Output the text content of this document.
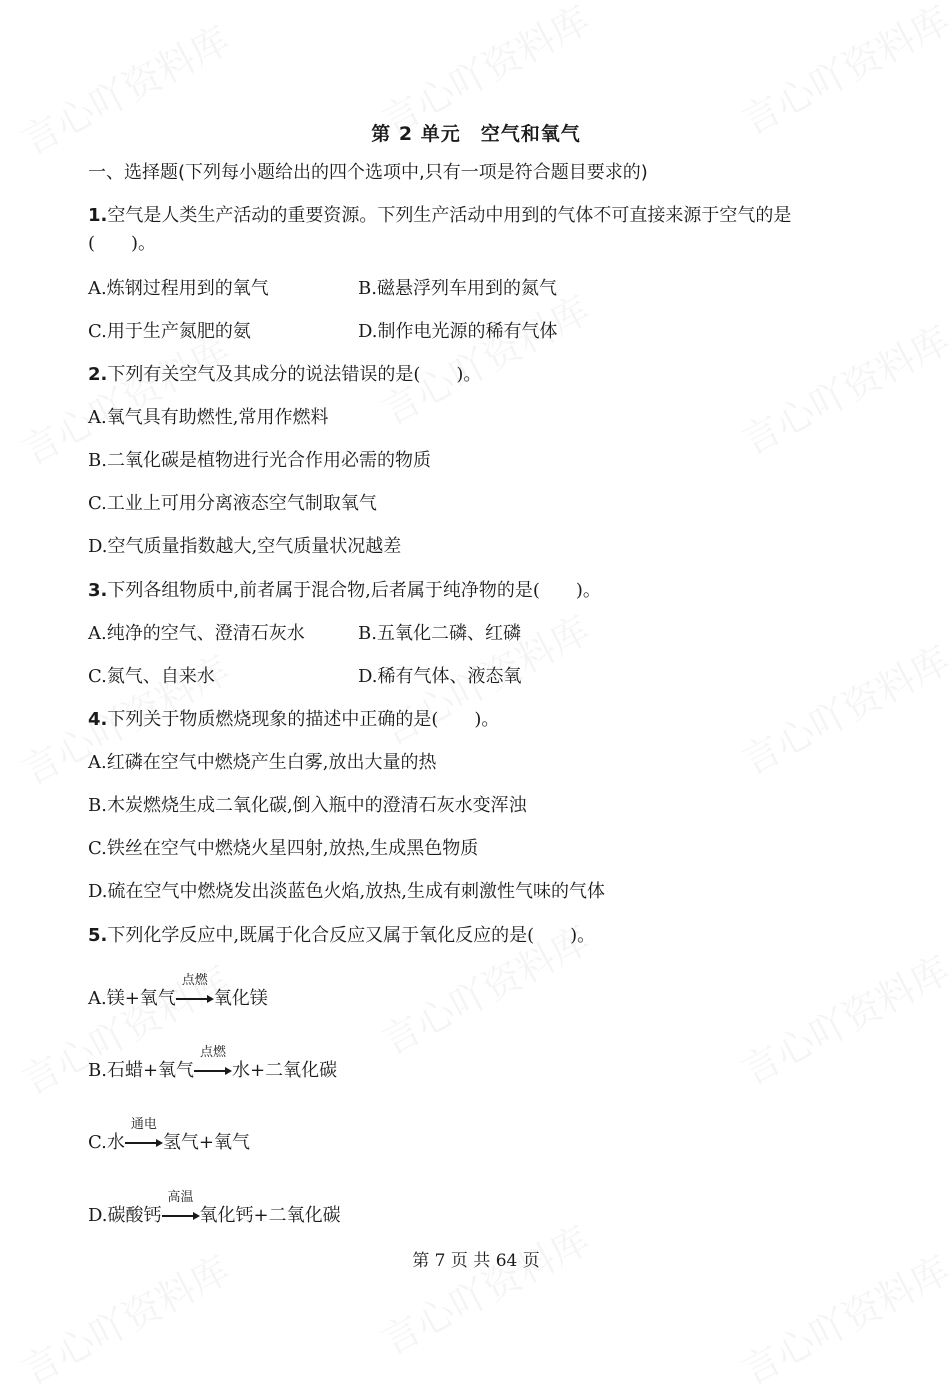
第 2 单元　空气和氧气
一、选择题(下列每小题给出的四个选项中,只有一项是符合题目要求的)
1.空气是人类生产活动的重要资源。下列生产活动中用到的气体不可直接来源于空气的是
(　　)。
A.炼钢过程用到的氧气	B.磁悬浮列车用到的氮气
C.用于生产氮肥的氨	D.制作电光源的稀有气体
2.下列有关空气及其成分的说法错误的是(　　)。
A.氧气具有助燃性,常用作燃料
B.二氧化碳是植物进行光合作用必需的物质
C.工业上可用分离液态空气制取氧气
D.空气质量指数越大,空气质量状况越差
3.下列各组物质中,前者属于混合物,后者属于纯净物的是(　　)。
A.纯净的空气、澄清石灰水	B.五氧化二磷、红磷
C.氮气、自来水	D.稀有气体、液态氧
4.下列关于物质燃烧现象的描述中正确的是(　　)。
A.红磷在空气中燃烧产生白雾,放出大量的热
B.木炭燃烧生成二氧化碳,倒入瓶中的澄清石灰水变浑浊
C.铁丝在空气中燃烧火星四射,放热,生成黑色物质
D.硫在空气中燃烧发出淡蓝色火焰,放热,生成有刺激性气味的气体
5.下列化学反应中,既属于化合反应又属于氧化反应的是(　　)。
A.镁+氧气
点燃
氧化镁
B.石蜡+氧气
点燃
水+二氧化碳
C.水
通电
氢气+氧气
D.碳酸钙
高温
氧化钙+二氧化碳
第 7 页 共 64 页
